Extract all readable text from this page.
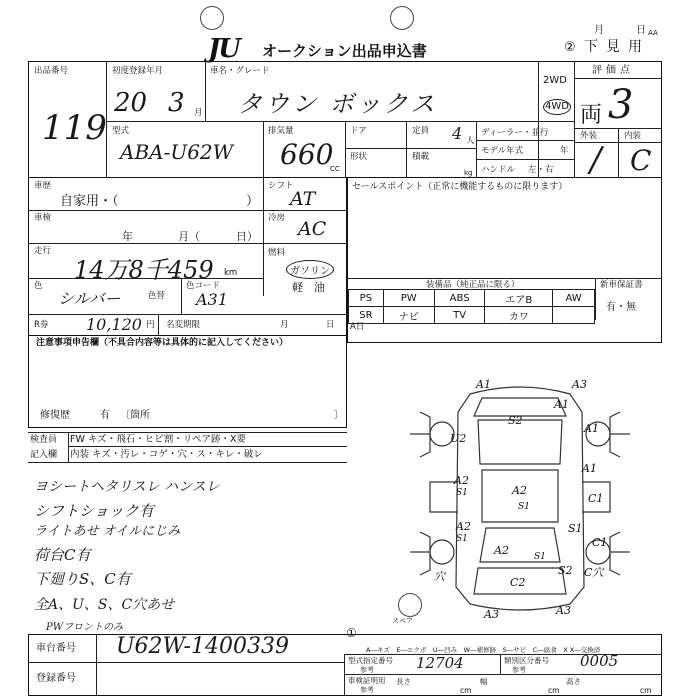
JU オークション出品申込書
月	日 AA
② 下見用
出品番号
119
初度登録年月
20 3 月
車名・グレード
タウン ボックス
2WD
4WD
評価点
両 3
外装	内装
/ C
型式
ABA-U62W
排気量
660
CC
ドア	定員 4 人
形状	積載
kg
ディーラー・並行
モデル年式	年
ハンドル 左・右
車歴
自家用・（	）
シフト
AT
車検
年	月（	日）
冷房 AC
走行
14万8千459 km
燃料
ガソリン
軽　油
色
シルバー	色替
色コード
A31
R券 10,120 円 名変期限	月	日
セールスポイント（正常に機能するものに限ります）
装備品（純正品に限る）	新車保証書
有・無
PS	PW	ABS	エアB	AW
SR	ナビ	TV	カワ	
A日
注意事項申告欄（不具合内容等は具体的に記入してください）
修復歴	有 〔箇所	〕
検査員
記入欄
FW キズ・飛石・ヒビ割・リペア跡・X要
内装 キズ・汚レ・コゲ・穴・ス・キレ・破レ
ヨシートヘタリスレ ハンスレ
シフトショック有
ライトあせ オイルにじみ
荷台C有
下廻りS、C有
全A、U、S、C穴あせ
PWフロントのみ
A1	A3
U2
A1
S2
A1
A2
S1	C1
A2
S1
A2
S1
S1
S2
C1
C2
穴	C穴
A3	A3
A2	S1
A1
スペア
A―キズ　E―エクボ　U―凹み　W―補修跡　S―サビ　C―腐食　X X―交換済
車台番号 U62W-1400339
①
登録番号
型式指定番号
参考	12704	類別区分番号
参考	0005
車検証明用
参考
長さ
cm
幅
cm
高さ
cm
